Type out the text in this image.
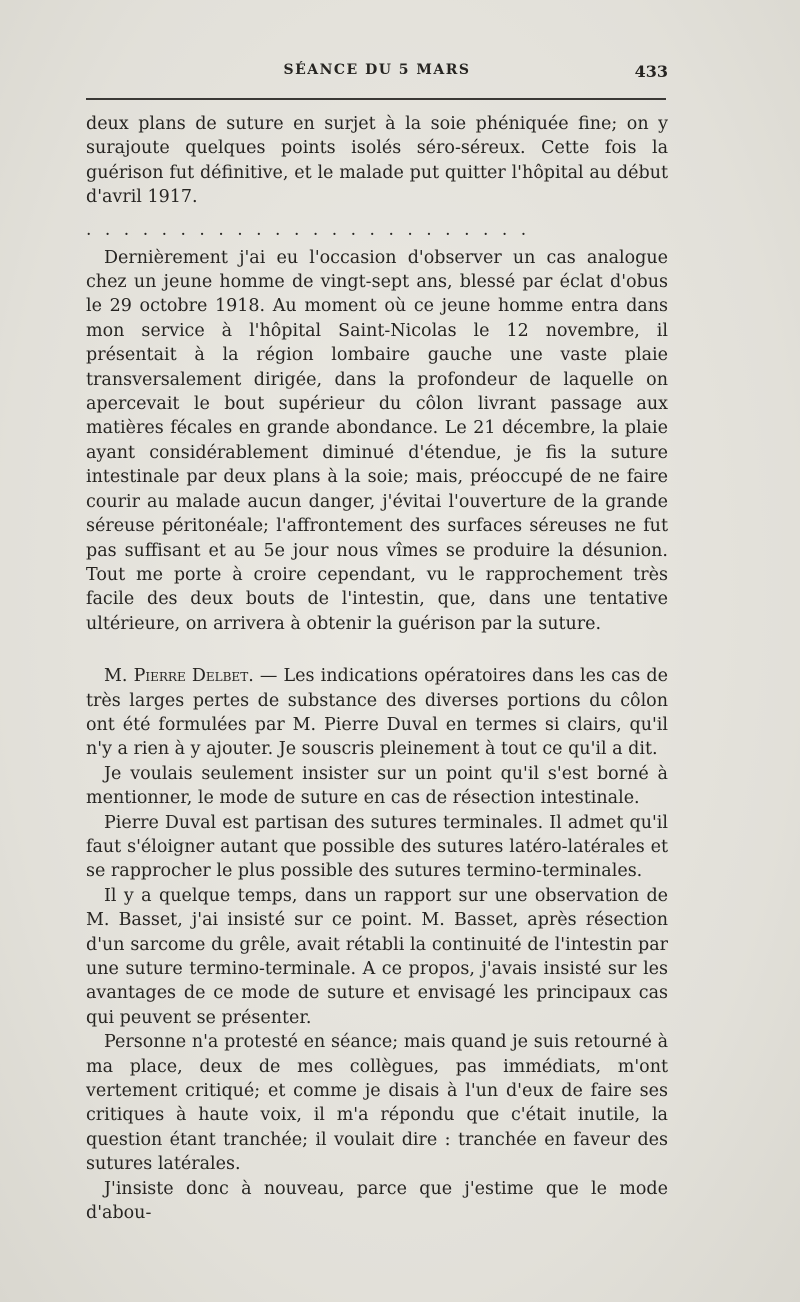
SÉANCE DU 5 MARS	433

deux plans de suture en surjet à la soie phéniquée fine; on y surajoute quelques points isolés séro-séreux. Cette fois la guérison fut définitive, et le malade put quitter l'hôpital au début d'avril 1917.

........................

Dernièrement j'ai eu l'occasion d'observer un cas analogue chez un jeune homme de vingt-sept ans, blessé par éclat d'obus le 29 octobre 1918. Au moment où ce jeune homme entra dans mon service à l'hôpital Saint-Nicolas le 12 novembre, il présentait à la région lombaire gauche une vaste plaie transversalement dirigée, dans la profondeur de laquelle on apercevait le bout supérieur du côlon livrant passage aux matières fécales en grande abondance. Le 21 décembre, la plaie ayant considérablement diminué d'étendue, je fis la suture intestinale par deux plans à la soie; mais, préoccupé de ne faire courir au malade aucun danger, j'évitai l'ouverture de la grande séreuse péritonéale; l'affrontement des surfaces séreuses ne fut pas suffisant et au 5e jour nous vîmes se produire la désunion. Tout me porte à croire cependant, vu le rapprochement très facile des deux bouts de l'intestin, que, dans une tentative ultérieure, on arrivera à obtenir la guérison par la suture.

M. Pierre Delbet. — Les indications opératoires dans les cas de très larges pertes de substance des diverses portions du côlon ont été formulées par M. Pierre Duval en termes si clairs, qu'il n'y a rien à y ajouter. Je souscris pleinement à tout ce qu'il a dit.

Je voulais seulement insister sur un point qu'il s'est borné à mentionner, le mode de suture en cas de résection intestinale.

Pierre Duval est partisan des sutures terminales. Il admet qu'il faut s'éloigner autant que possible des sutures latéro-latérales et se rapprocher le plus possible des sutures termino-terminales.

Il y a quelque temps, dans un rapport sur une observation de M. Basset, j'ai insisté sur ce point. M. Basset, après résection d'un sarcome du grêle, avait rétabli la continuité de l'intestin par une suture termino-terminale. A ce propos, j'avais insisté sur les avantages de ce mode de suture et envisagé les principaux cas qui peuvent se présenter.

Personne n'a protesté en séance; mais quand je suis retourné à ma place, deux de mes collègues, pas immédiats, m'ont vertement critiqué; et comme je disais à l'un d'eux de faire ses critiques à haute voix, il m'a répondu que c'était inutile, la question étant tranchée; il voulait dire : tranchée en faveur des sutures latérales.

J'insiste donc à nouveau, parce que j'estime que le mode d'abou-
